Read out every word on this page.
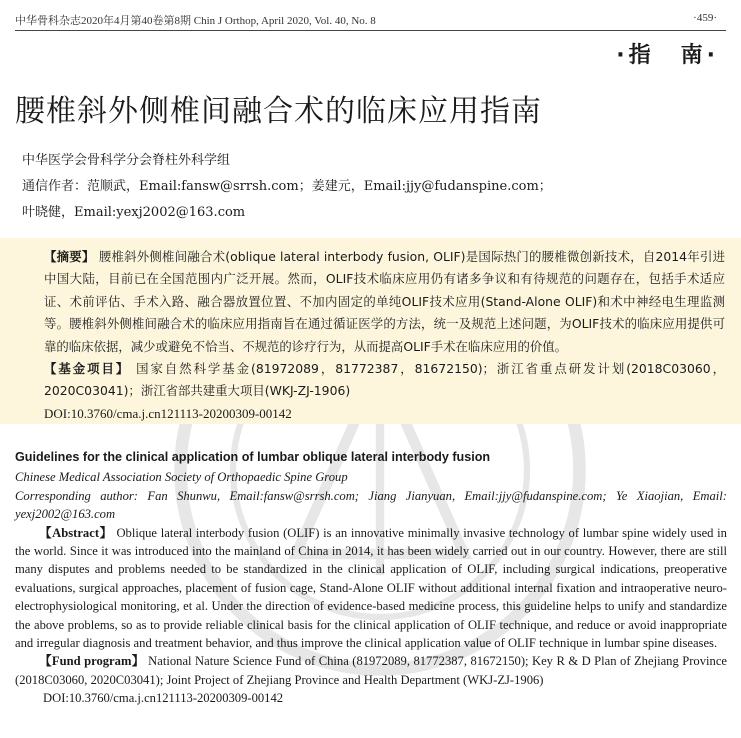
中华骨科杂志2020年4月第40卷第8期 Chin J Orthop, April 2020, Vol. 40, No. 8	·459·
·指　南·
腰椎斜外侧椎间融合术的临床应用指南
中华医学会骨科学分会脊柱外科学组
通信作者：范顺武，Email:fansw@srrsh.com；姜建元，Email:jjy@fudanspine.com；
叶晓健，Email:yexj2002@163.com
【摘要】 腰椎斜外侧椎间融合术(oblique lateral interbody fusion, OLIF)是国际热门的腰椎微创新技术，自2014年引进中国大陆，目前已在全国范围内广泛开展。然而，OLIF技术临床应用仍有诸多争议和有待规范的问题存在，包括手术适应证、术前评估、手术入路、融合器放置位置、不加内固定的单纯OLIF技术应用(Stand-Alone OLIF)和术中神经电生理监测等。腰椎斜外侧椎间融合术的临床应用指南旨在通过循证医学的方法，统一及规范上述问题，为OLIF技术的临床应用提供可靠的临床依据，减少或避免不恰当、不规范的诊疗行为，从而提高OLIF手术在临床应用的价值。
【基金项目】 国家自然科学基金(81972089，81772387，81672150)；浙江省重点研发计划(2018C03060，2020C03041)；浙江省部共建重大项目(WKJ-ZJ-1906)
DOI:10.3760/cma.j.cn121113-20200309-00142
Guidelines for the clinical application of lumbar oblique lateral interbody fusion
Chinese Medical Association Society of Orthopaedic Spine Group
Corresponding author: Fan Shunwu, Email:fansw@srrsh.com; Jiang Jianyuan, Email:jjy@fudanspine.com; Ye Xiaojian, Email: yexj2002@163.com
【Abstract】 Oblique lateral interbody fusion (OLIF) is an innovative minimally invasive technology of lumbar spine widely used in the world. Since it was introduced into the mainland of China in 2014, it has been widely carried out in our country. However, there are still many disputes and problems needed to be standardized in the clinical application of OLIF, including surgical indications, preoperative evaluations, surgical approaches, placement of fusion cage, Stand-Alone OLIF without additional internal fixation and intraoperative neuro-electrophysiological monitoring, et al. Under the direction of evidence-based medicine process, this guideline helps to unify and standardize the above problems, so as to provide reliable clinical basis for the clinical application of OLIF technique, and reduce or avoid inappropriate and irregular diagnosis and treatment behavior, and thus improve the clinical application value of OLIF technique in lumbar spine diseases.
【Fund program】 National Nature Science Fund of China (81972089, 81772387, 81672150); Key R & D Plan of Zhejiang Province (2018C03060, 2020C03041); Joint Project of Zhejiang Province and Health Department (WKJ-ZJ-1906)
DOI:10.3760/cma.j.cn121113-20200309-00142
